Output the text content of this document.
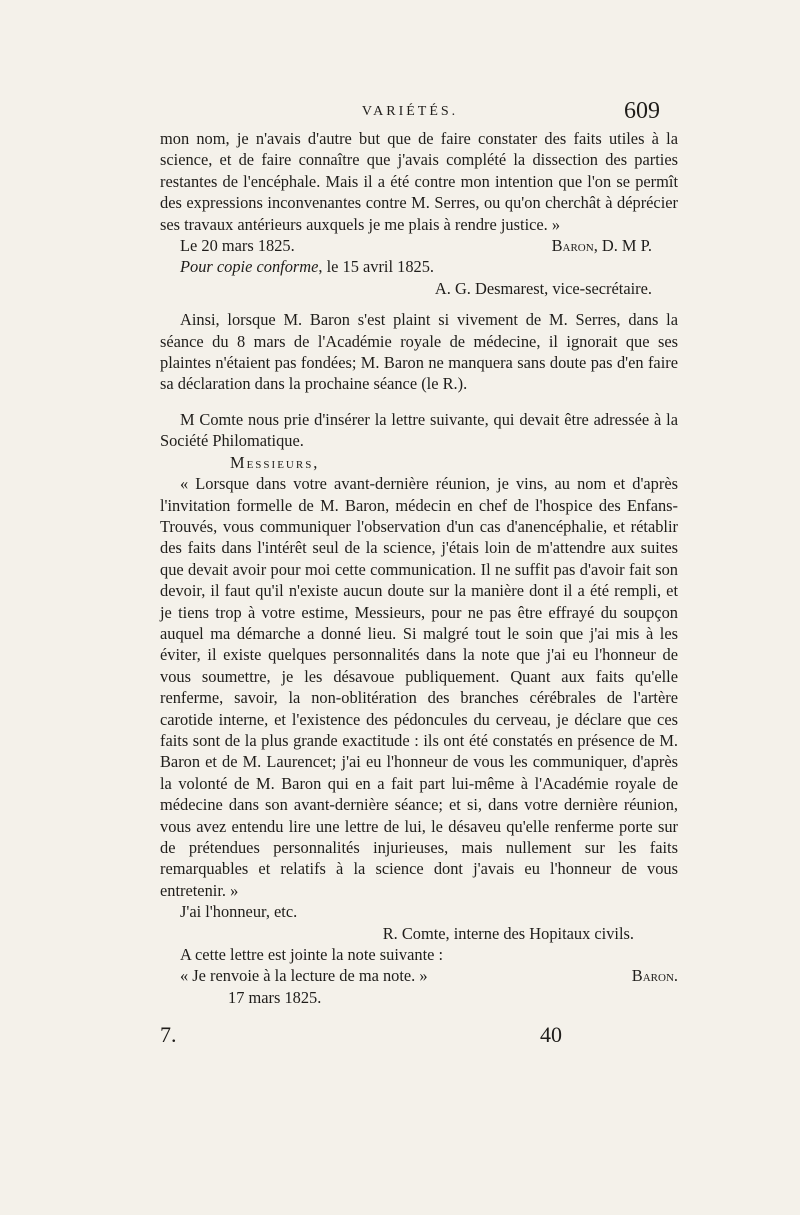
VARIÉTÉS.	609

mon nom, je n'avais d'autre but que de faire constater des faits utiles à la science, et de faire connaître que j'avais complété la dissection des parties restantes de l'encéphale. Mais il a été contre mon intention que l'on se permît des expressions inconvenantes contre M. Serres, ou qu'on cherchât à déprécier ses travaux antérieurs auxquels je me plais à rendre justice. »

Le 20 mars 1825.	Baron, D. M P.

Pour copie conforme, le 15 avril 1825.

A. G. Desmarest, vice-secrétaire.

Ainsi, lorsque M. Baron s'est plaint si vivement de M. Serres, dans la séance du 8 mars de l'Académie royale de médecine, il ignorait que ses plaintes n'étaient pas fondées; M. Baron ne manquera sans doute pas d'en faire sa déclaration dans la prochaine séance (le R.).

M Comte nous prie d'insérer la lettre suivante, qui devait être adressée à la Société Philomatique.

Messieurs,

« Lorsque dans votre avant-dernière réunion, je vins, au nom et d'après l'invitation formelle de M. Baron, médecin en chef de l'hospice des Enfans-Trouvés, vous communiquer l'observation d'un cas d'anencéphalie, et rétablir des faits dans l'intérêt seul de la science, j'étais loin de m'attendre aux suites que devait avoir pour moi cette communication. Il ne suffit pas d'avoir fait son devoir, il faut qu'il n'existe aucun doute sur la manière dont il a été rempli, et je tiens trop à votre estime, Messieurs, pour ne pas être effrayé du soupçon auquel ma démarche a donné lieu. Si malgré tout le soin que j'ai mis à les éviter, il existe quelques personnalités dans la note que j'ai eu l'honneur de vous soumettre, je les désavoue publiquement. Quant aux faits qu'elle renferme, savoir, la non-oblitération des branches cérébrales de l'artère carotide interne, et l'existence des pédoncules du cerveau, je déclare que ces faits sont de la plus grande exactitude : ils ont été constatés en présence de M. Baron et de M. Laurencet; j'ai eu l'honneur de vous les communiquer, d'après la volonté de M. Baron qui en a fait part lui-même à l'Académie royale de médecine dans son avant-dernière séance; et si, dans votre dernière réunion, vous avez entendu lire une lettre de lui, le désaveu qu'elle renferme porte sur de prétendues personnalités injurieuses, mais nullement sur les faits remarquables et relatifs à la science dont j'avais eu l'honneur de vous entretenir. »

J'ai l'honneur, etc.

R. Comte, interne des Hopitaux civils.

A cette lettre est jointe la note suivante :

« Je renvoie à la lecture de ma note. »	Baron.

17 mars 1825.

7.	40
